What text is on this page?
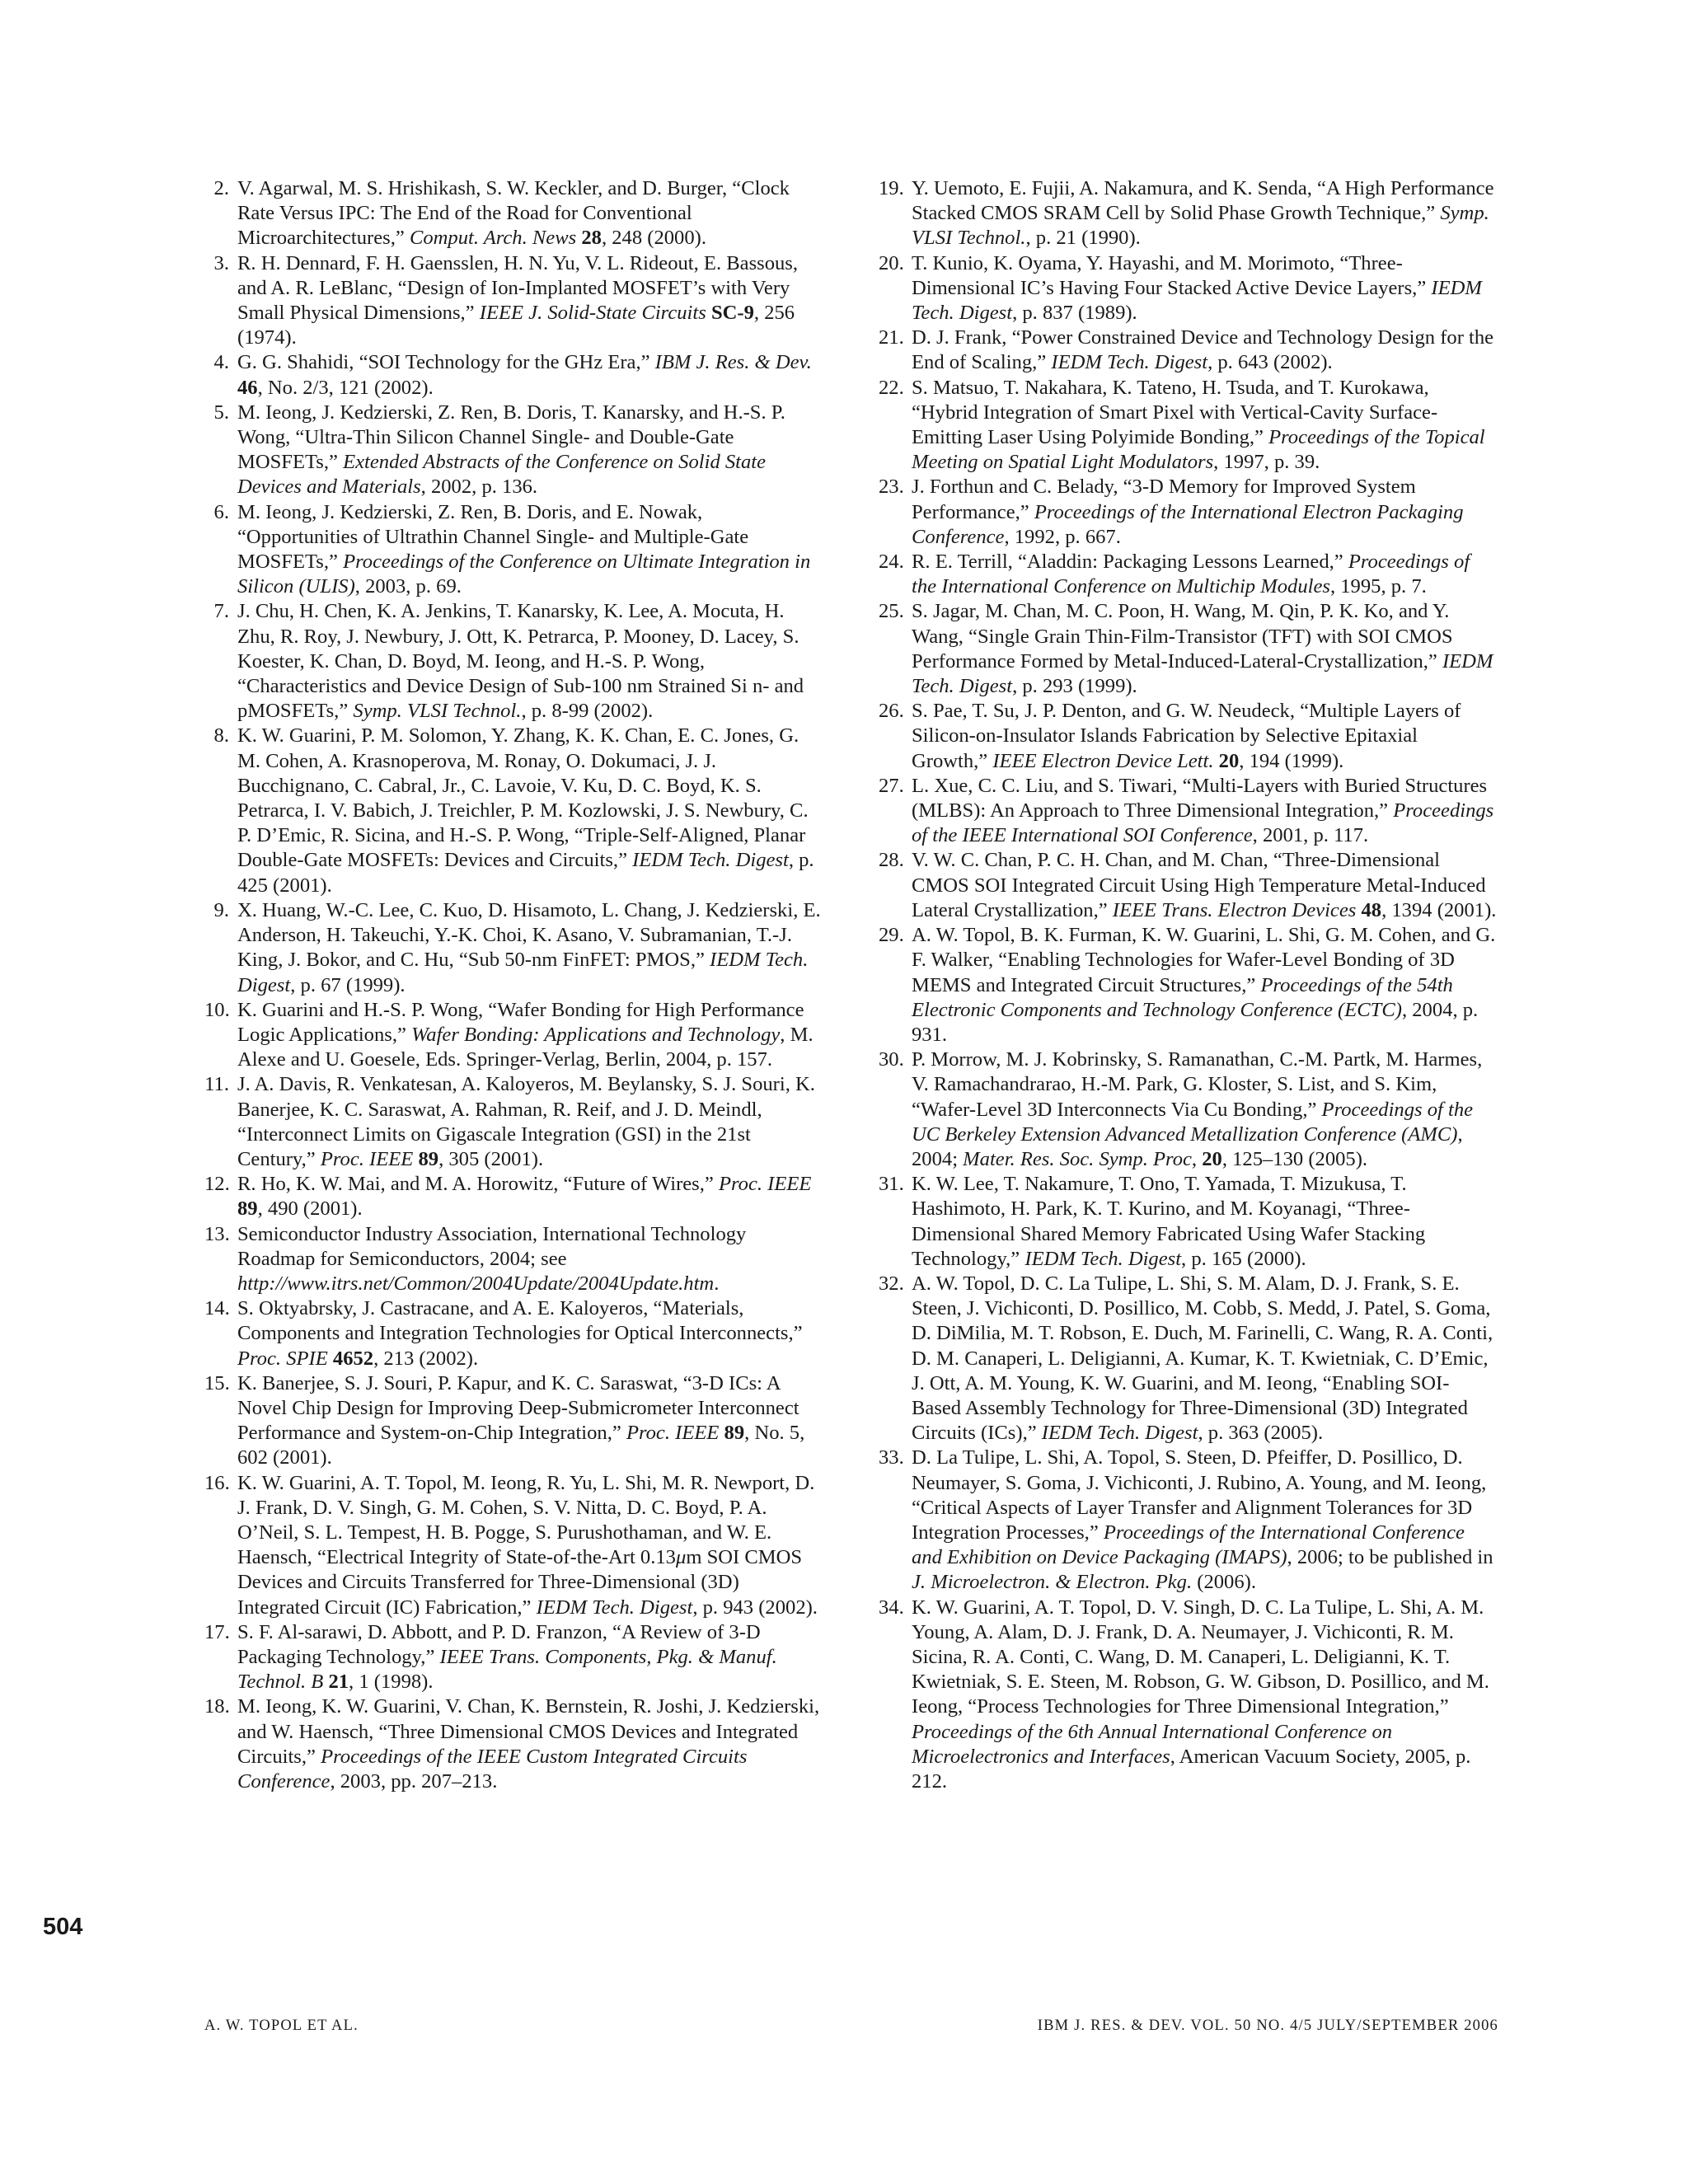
2. V. Agarwal, M. S. Hrishikash, S. W. Keckler, and D. Burger, “Clock Rate Versus IPC: The End of the Road for Conventional Microarchitectures,” Comput. Arch. News 28, 248 (2000).
3. R. H. Dennard, F. H. Gaensslen, H. N. Yu, V. L. Rideout, E. Bassous, and A. R. LeBlanc, “Design of Ion-Implanted MOSFET’s with Very Small Physical Dimensions,” IEEE J. Solid-State Circuits SC-9, 256 (1974).
4. G. G. Shahidi, “SOI Technology for the GHz Era,” IBM J. Res. & Dev. 46, No. 2/3, 121 (2002).
5. M. Ieong, J. Kedzierski, Z. Ren, B. Doris, T. Kanarsky, and H.-S. P. Wong, “Ultra-Thin Silicon Channel Single- and Double-Gate MOSFETs,” Extended Abstracts of the Conference on Solid State Devices and Materials, 2002, p. 136.
6. M. Ieong, J. Kedzierski, Z. Ren, B. Doris, and E. Nowak, “Opportunities of Ultrathin Channel Single- and Multiple-Gate MOSFETs,” Proceedings of the Conference on Ultimate Integration in Silicon (ULIS), 2003, p. 69.
7. J. Chu, H. Chen, K. A. Jenkins, T. Kanarsky, K. Lee, A. Mocuta, H. Zhu, R. Roy, J. Newbury, J. Ott, K. Petrarca, P. Mooney, D. Lacey, S. Koester, K. Chan, D. Boyd, M. Ieong, and H.-S. P. Wong, “Characteristics and Device Design of Sub-100 nm Strained Si n- and pMOSFETs,” Symp. VLSI Technol., p. 8-99 (2002).
8. K. W. Guarini, P. M. Solomon, Y. Zhang, K. K. Chan, E. C. Jones, G. M. Cohen, A. Krasnoperova, M. Ronay, O. Dokumaci, J. J. Bucchignano, C. Cabral, Jr., C. Lavoie, V. Ku, D. C. Boyd, K. S. Petrarca, I. V. Babich, J. Treichler, P. M. Kozlowski, J. S. Newbury, C. P. D’Emic, R. Sicina, and H.-S. P. Wong, “Triple-Self-Aligned, Planar Double-Gate MOSFETs: Devices and Circuits,” IEDM Tech. Digest, p. 425 (2001).
9. X. Huang, W.-C. Lee, C. Kuo, D. Hisamoto, L. Chang, J. Kedzierski, E. Anderson, H. Takeuchi, Y.-K. Choi, K. Asano, V. Subramanian, T.-J. King, J. Bokor, and C. Hu, “Sub 50-nm FinFET: PMOS,” IEDM Tech. Digest, p. 67 (1999).
10. K. Guarini and H.-S. P. Wong, “Wafer Bonding for High Performance Logic Applications,” Wafer Bonding: Applications and Technology, M. Alexe and U. Goesele, Eds. Springer-Verlag, Berlin, 2004, p. 157.
11. J. A. Davis, R. Venkatesan, A. Kaloyeros, M. Beylansky, S. J. Souri, K. Banerjee, K. C. Saraswat, A. Rahman, R. Reif, and J. D. Meindl, “Interconnect Limits on Gigascale Integration (GSI) in the 21st Century,” Proc. IEEE 89, 305 (2001).
12. R. Ho, K. W. Mai, and M. A. Horowitz, “Future of Wires,” Proc. IEEE 89, 490 (2001).
13. Semiconductor Industry Association, International Technology Roadmap for Semiconductors, 2004; see http://www.itrs.net/Common/2004Update/2004Update.htm.
14. S. Oktyabrsky, J. Castracane, and A. E. Kaloyeros, “Materials, Components and Integration Technologies for Optical Interconnects,” Proc. SPIE 4652, 213 (2002).
15. K. Banerjee, S. J. Souri, P. Kapur, and K. C. Saraswat, “3-D ICs: A Novel Chip Design for Improving Deep-Submicrometer Interconnect Performance and System-on-Chip Integration,” Proc. IEEE 89, No. 5, 602 (2001).
16. K. W. Guarini, A. T. Topol, M. Ieong, R. Yu, L. Shi, M. R. Newport, D. J. Frank, D. V. Singh, G. M. Cohen, S. V. Nitta, D. C. Boyd, P. A. O’Neil, S. L. Tempest, H. B. Pogge, S. Purushothaman, and W. E. Haensch, “Electrical Integrity of State-of-the-Art 0.13μm SOI CMOS Devices and Circuits Transferred for Three-Dimensional (3D) Integrated Circuit (IC) Fabrication,” IEDM Tech. Digest, p. 943 (2002).
17. S. F. Al-sarawi, D. Abbott, and P. D. Franzon, “A Review of 3-D Packaging Technology,” IEEE Trans. Components, Pkg. & Manuf. Technol. B 21, 1 (1998).
18. M. Ieong, K. W. Guarini, V. Chan, K. Bernstein, R. Joshi, J. Kedzierski, and W. Haensch, “Three Dimensional CMOS Devices and Integrated Circuits,” Proceedings of the IEEE Custom Integrated Circuits Conference, 2003, pp. 207–213.
19. Y. Uemoto, E. Fujii, A. Nakamura, and K. Senda, “A High Performance Stacked CMOS SRAM Cell by Solid Phase Growth Technique,” Symp. VLSI Technol., p. 21 (1990).
20. T. Kunio, K. Oyama, Y. Hayashi, and M. Morimoto, “Three-Dimensional IC’s Having Four Stacked Active Device Layers,” IEDM Tech. Digest, p. 837 (1989).
21. D. J. Frank, “Power Constrained Device and Technology Design for the End of Scaling,” IEDM Tech. Digest, p. 643 (2002).
22. S. Matsuo, T. Nakahara, K. Tateno, H. Tsuda, and T. Kurokawa, “Hybrid Integration of Smart Pixel with Vertical-Cavity Surface-Emitting Laser Using Polyimide Bonding,” Proceedings of the Topical Meeting on Spatial Light Modulators, 1997, p. 39.
23. J. Forthun and C. Belady, “3-D Memory for Improved System Performance,” Proceedings of the International Electron Packaging Conference, 1992, p. 667.
24. R. E. Terrill, “Aladdin: Packaging Lessons Learned,” Proceedings of the International Conference on Multichip Modules, 1995, p. 7.
25. S. Jagar, M. Chan, M. C. Poon, H. Wang, M. Qin, P. K. Ko, and Y. Wang, “Single Grain Thin-Film-Transistor (TFT) with SOI CMOS Performance Formed by Metal-Induced-Lateral-Crystallization,” IEDM Tech. Digest, p. 293 (1999).
26. S. Pae, T. Su, J. P. Denton, and G. W. Neudeck, “Multiple Layers of Silicon-on-Insulator Islands Fabrication by Selective Epitaxial Growth,” IEEE Electron Device Lett. 20, 194 (1999).
27. L. Xue, C. C. Liu, and S. Tiwari, “Multi-Layers with Buried Structures (MLBS): An Approach to Three Dimensional Integration,” Proceedings of the IEEE International SOI Conference, 2001, p. 117.
28. V. W. C. Chan, P. C. H. Chan, and M. Chan, “Three-Dimensional CMOS SOI Integrated Circuit Using High Temperature Metal-Induced Lateral Crystallization,” IEEE Trans. Electron Devices 48, 1394 (2001).
29. A. W. Topol, B. K. Furman, K. W. Guarini, L. Shi, G. M. Cohen, and G. F. Walker, “Enabling Technologies for Wafer-Level Bonding of 3D MEMS and Integrated Circuit Structures,” Proceedings of the 54th Electronic Components and Technology Conference (ECTC), 2004, p. 931.
30. P. Morrow, M. J. Kobrinsky, S. Ramanathan, C.-M. Partk, M. Harmes, V. Ramachandrarao, H.-M. Park, G. Kloster, S. List, and S. Kim, “Wafer-Level 3D Interconnects Via Cu Bonding,” Proceedings of the UC Berkeley Extension Advanced Metallization Conference (AMC), 2004; Mater. Res. Soc. Symp. Proc, 20, 125–130 (2005).
31. K. W. Lee, T. Nakamure, T. Ono, T. Yamada, T. Mizukusa, T. Hashimoto, H. Park, K. T. Kurino, and M. Koyanagi, “Three-Dimensional Shared Memory Fabricated Using Wafer Stacking Technology,” IEDM Tech. Digest, p. 165 (2000).
32. A. W. Topol, D. C. La Tulipe, L. Shi, S. M. Alam, D. J. Frank, S. E. Steen, J. Vichiconti, D. Posillico, M. Cobb, S. Medd, J. Patel, S. Goma, D. DiMilia, M. T. Robson, E. Duch, M. Farinelli, C. Wang, R. A. Conti, D. M. Canaperi, L. Deligianni, A. Kumar, K. T. Kwietniak, C. D’Emic, J. Ott, A. M. Young, K. W. Guarini, and M. Ieong, “Enabling SOI-Based Assembly Technology for Three-Dimensional (3D) Integrated Circuits (ICs),” IEDM Tech. Digest, p. 363 (2005).
33. D. La Tulipe, L. Shi, A. Topol, S. Steen, D. Pfeiffer, D. Posillico, D. Neumayer, S. Goma, J. Vichiconti, J. Rubino, A. Young, and M. Ieong, “Critical Aspects of Layer Transfer and Alignment Tolerances for 3D Integration Processes,” Proceedings of the International Conference and Exhibition on Device Packaging (IMAPS), 2006; to be published in J. Microelectron. & Electron. Pkg. (2006).
34. K. W. Guarini, A. T. Topol, D. V. Singh, D. C. La Tulipe, L. Shi, A. M. Young, A. Alam, D. J. Frank, D. A. Neumayer, J. Vichiconti, R. M. Sicina, R. A. Conti, C. Wang, D. M. Canaperi, L. Deligianni, K. T. Kwietniak, S. E. Steen, M. Robson, G. W. Gibson, D. Posillico, and M. Ieong, “Process Technologies for Three Dimensional Integration,” Proceedings of the 6th Annual International Conference on Microelectronics and Interfaces, American Vacuum Society, 2005, p. 212.
504
A. W. TOPOL ET AL.	IBM J. RES. & DEV. VOL. 50 NO. 4/5 JULY/SEPTEMBER 2006
